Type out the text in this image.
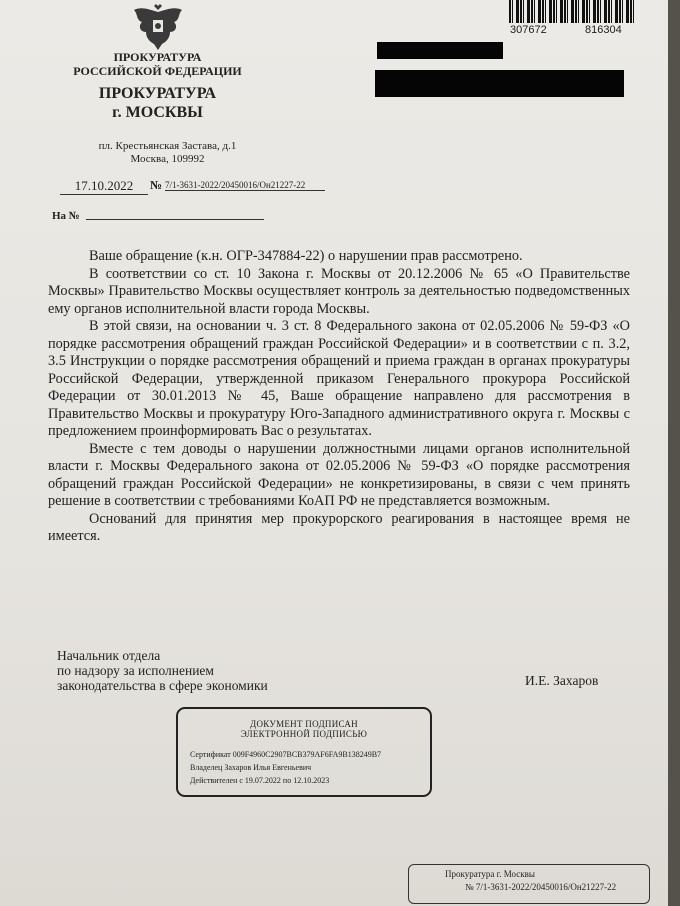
307672	816304
ПРОКУРАТУРА
РОССИЙСКОЙ ФЕДЕРАЦИИ
ПРОКУРАТУРА
г. МОСКВЫ
пл. Крестьянская Застава, д.1
Москва, 109992
17.10.2022	№ 7/1-3631-2022/20450016/Он21227-22
На №

Ваше обращение (к.н. ОГР-347884-22) о нарушении прав рассмотрено.

В соответствии со ст. 10 Закона г. Москвы от 20.12.2006 № 65 «О Правительстве Москвы» Правительство Москвы осуществляет контроль за деятельностью подведомственных ему органов исполнительной власти города Москвы.

В этой связи, на основании ч. 3 ст. 8 Федерального закона от 02.05.2006 № 59-ФЗ «О порядке рассмотрения обращений граждан Российской Федерации» и в соответствии с п. 3.2, 3.5 Инструкции о порядке рассмотрения обращений и приема граждан в органах прокуратуры Российской Федерации, утвержденной приказом Генерального прокурора Российской Федерации от 30.01.2013 № 45, Ваше обращение направлено для рассмотрения в Правительство Москвы и прокуратуру Юго-Западного административного округа г. Москвы с предложением проинформировать Вас о результатах.

Вместе с тем доводы о нарушении должностными лицами органов исполнительной власти г. Москвы Федерального закона от 02.05.2006 № 59-ФЗ «О порядке рассмотрения обращений граждан Российской Федерации» не конкретизированы, в связи с чем принять решение в соответствии с требованиями КоАП РФ не представляется возможным.

Оснований для принятия мер прокурорского реагирования в настоящее время не имеется.

Начальник отдела
по надзору за исполнением
законодательства в сфере экономики	И.Е. Захаров
ДОКУМЕНТ ПОДПИСАН
ЭЛЕКТРОННОЙ ПОДПИСЬЮ
Сертификат 009F4960C2907BCB379AF6FA9B138249B7
Владелец Захаров Илья Евгеньевич
Действителен с 19.07.2022 по 12.10.2023
Прокуратура г. Москвы
№ 7/1-3631-2022/20450016/Он21227-22
